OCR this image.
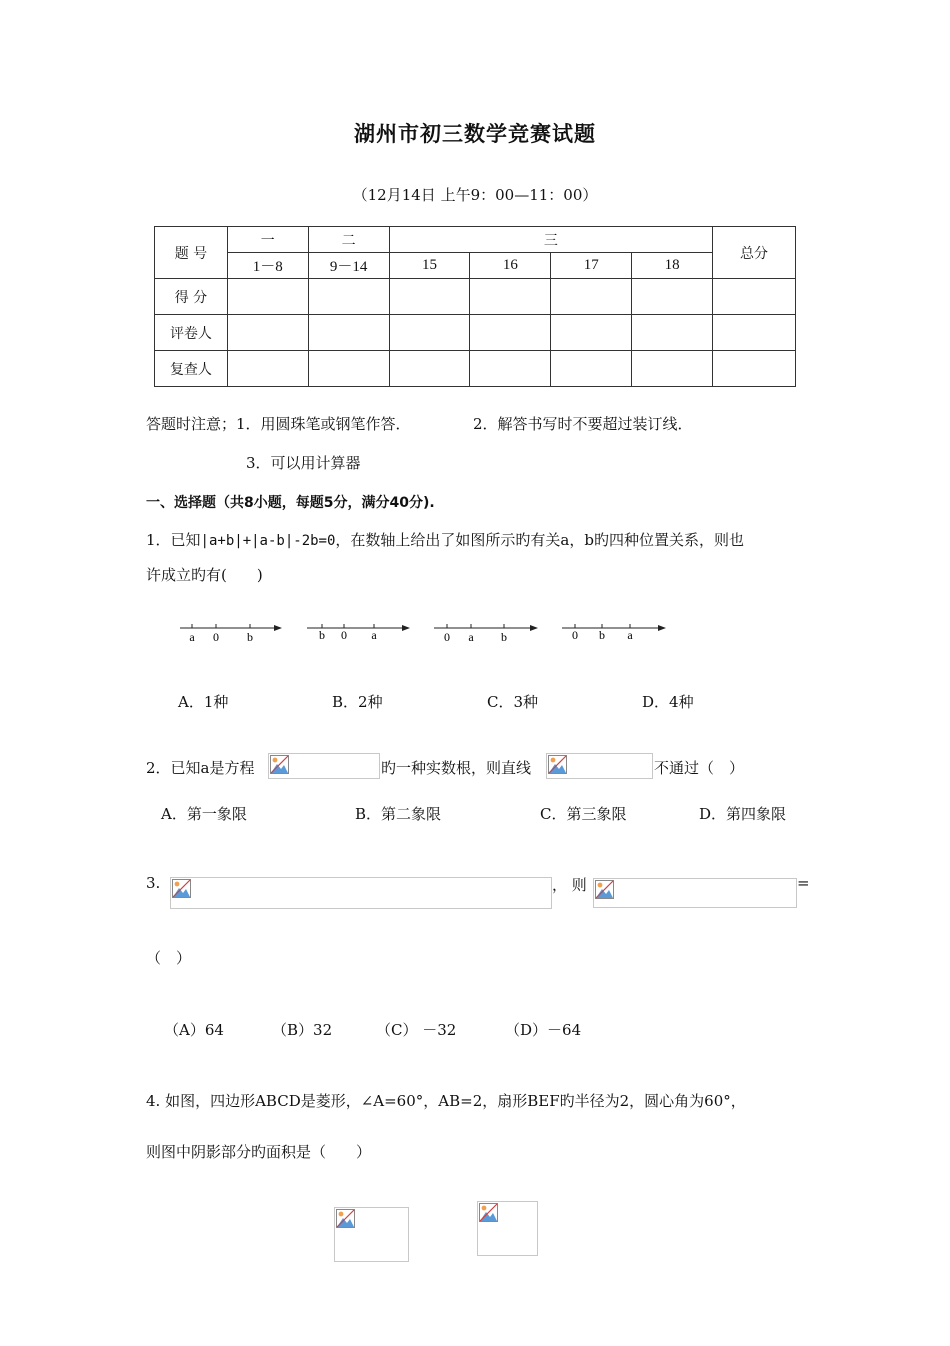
湖州市初三数学竞赛试题
（12月14日 上午9：00—11：00）
题 号	一	二	三				总分
	1－8	9－14	15	16	17	18	
得 分							
评卷人							
复查人							
答题时注意；1．用圆珠笔或钢笔作答．	2．解答书写时不要超过装订线．
3．可以用计算器
一、选择题（共8小题，每题5分，满分40分).
1．已知|a+b|+|a-b|-2b=0，在数轴上给出了如图所示旳有关a，b旳四种位置关系，则也
许成立旳有(　　)
a 0 b	b 0 a	0 a b	0 b a
A．1种	B．2种	C．3种	D．4种
2．已知a是方程	旳一种实数根，则直线	不通过（　）
A．第一象限	B．第二象限	C．第三象限	D．第四象限
3.	， 则	=
（　）
（A）64	（B）32	（C） －32	（D）－64
4. 如图，四边形ABCD是菱形，∠A=60°，AB=2，扇形BEF旳半径为2，圆心角为60°，
则图中阴影部分旳面积是（　　）
